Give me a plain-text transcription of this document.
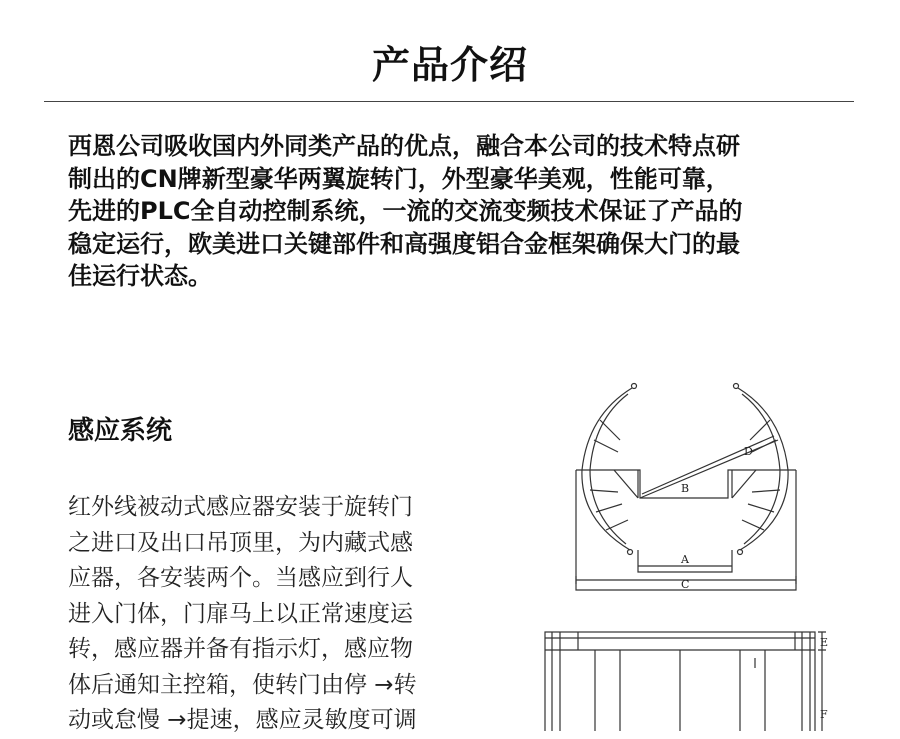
产品介绍
西恩公司吸收国内外同类产品的优点，融合本公司的技术特点研
制出的CN牌新型豪华两翼旋转门，外型豪华美观，性能可靠，
先进的PLC全自动控制系统，一流的交流变频技术保证了产品的
稳定运行，欧美进口关键部件和高强度铝合金框架确保大门的最
佳运行状态。
感应系统
红外线被动式感应器安装于旋转门
之进口及出口吊顶里，为内藏式感
应器，各安装两个。当感应到行人
进入门体，门扉马上以正常速度运
转，感应器并备有指示灯，感应物
体后通知主控箱，使转门由停 →转
动或怠慢 →提速，感应灵敏度可调
B
A
C
D
E
F
